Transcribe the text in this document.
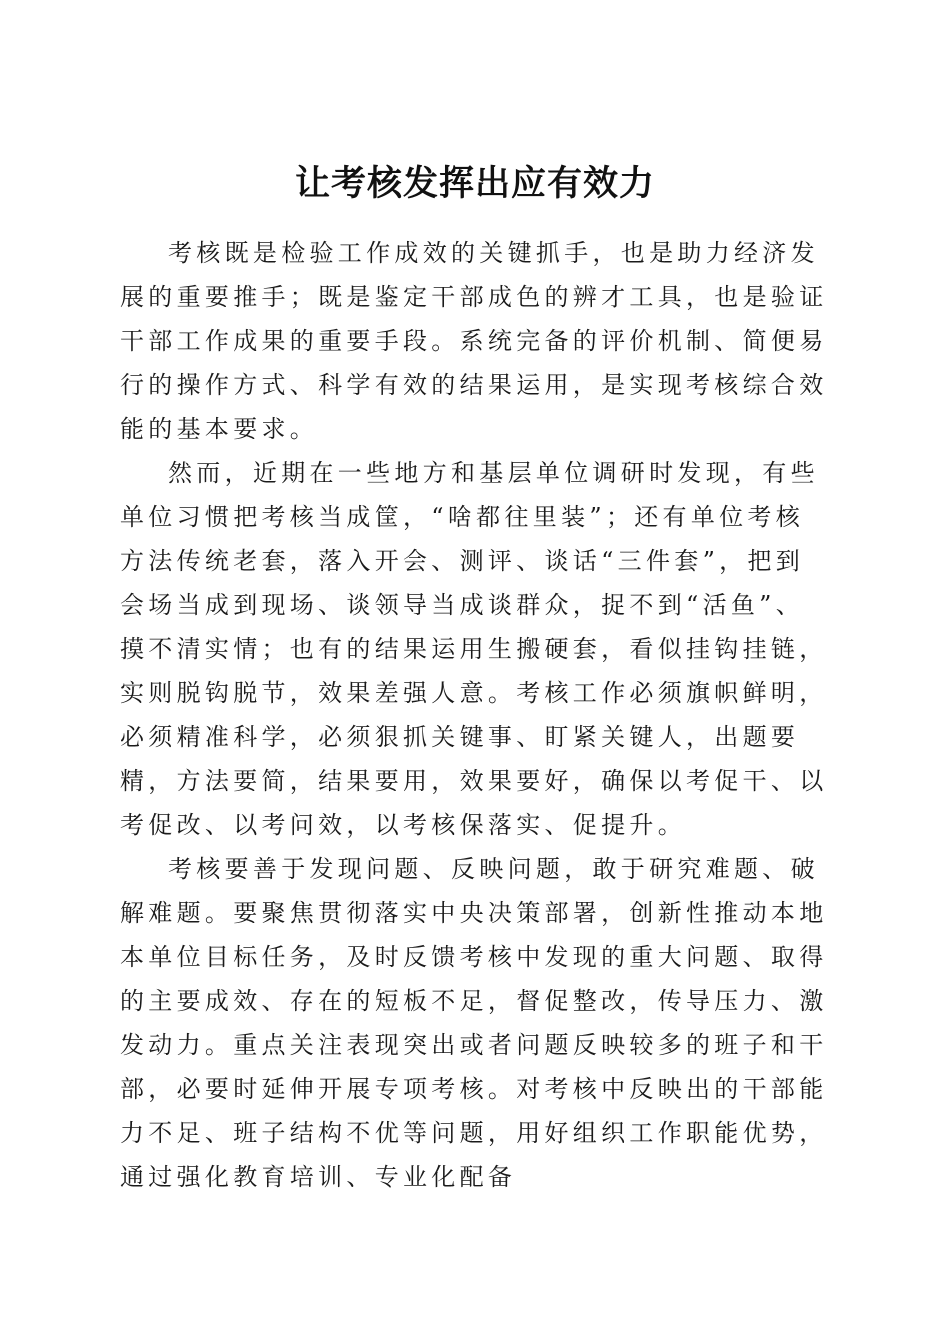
让考核发挥出应有效力

考核既是检验工作成效的关键抓手，也是助力经济发展的重要推手；既是鉴定干部成色的辨才工具，也是验证干部工作成果的重要手段。系统完备的评价机制、简便易行的操作方式、科学有效的结果运用，是实现考核综合效能的基本要求。

然而，近期在一些地方和基层单位调研时发现，有些单位习惯把考核当成筐，“啥都往里装”；还有单位考核方法传统老套，落入开会、测评、谈话“三件套”，把到会场当成到现场、谈领导当成谈群众，捉不到“活鱼”、摸不清实情；也有的结果运用生搬硬套，看似挂钩挂链，实则脱钩脱节，效果差强人意。考核工作必须旗帜鲜明，必须精准科学，必须狠抓关键事、盯紧关键人，出题要精，方法要简，结果要用，效果要好，确保以考促干、以考促改、以考问效，以考核保落实、促提升。

考核要善于发现问题、反映问题，敢于研究难题、破解难题。要聚焦贯彻落实中央决策部署，创新性推动本地本单位目标任务，及时反馈考核中发现的重大问题、取得的主要成效、存在的短板不足，督促整改，传导压力、激发动力。重点关注表现突出或者问题反映较多的班子和干部，必要时延伸开展专项考核。对考核中反映出的干部能力不足、班子结构不优等问题，用好组织工作职能优势，通过强化教育培训、专业化配备
